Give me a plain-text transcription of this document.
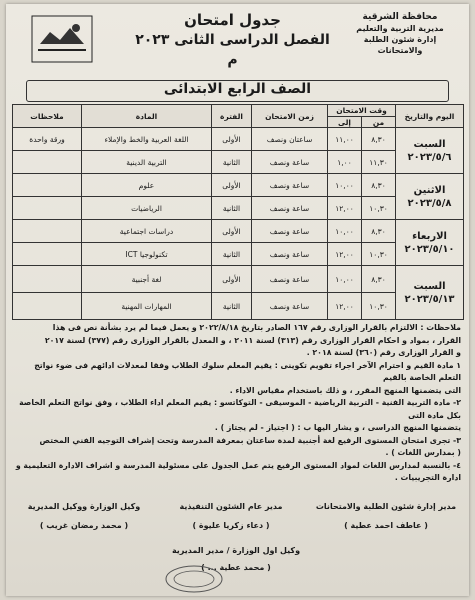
محافظة الشرقية
مديرية التربية والتعليم
إدارة شئون الطلبة والامتحانات
جدول امتحان
الفصل الدراسى الثانى ٢٠٢٣ م
الصف الرابع الابتدائى
اليوم والتاريخ	وقت الامتحان		زمن الامتحان	الفترة	المادة	ملاحظات
	من	إلى				

السبت
٢٠٢٣/٥/٦	٨,٣٠	١١,٠٠	ساعتان ونصف	الأولى	اللغة العربية والخط والإملاء	ورقة واحدة
	١١,٣٠	١,٠٠	ساعة ونصف	الثانية	التربية الدينية	

الاثنين
٢٠٢٣/٥/٨	٨,٣٠	١٠,٠٠	ساعة ونصف	الأولى	علوم	
	١٠,٣٠	١٢,٠٠	ساعة ونصف	الثانية	الرياضيات	

الاربعاء
٢٠٢٣/٥/١٠	٨,٣٠	١٠,٠٠	ساعة ونصف	الأولى	دراسات اجتماعية	
	١٠,٣٠	١٢,٠٠	ساعة ونصف	الثانية	تكنولوجيا ICT	

السبت
٢٠٢٣/٥/١٣	٨,٣٠	١٠,٠٠	ساعة ونصف	الأولى	لغة أجنبية	
	١٠,٣٠	١٢,٠٠	ساعة ونصف	الثانية	المهارات المهنية	

ملاحظات : الالتزام بالقرار الوزارى رقم ١٦٧ الصادر بتاريخ ٢٠٢٢/٨/١٨ و يعمل فيما لم يرد بشأنة نص فى هذا

القرار ، بمواد و احكام القرار الوزارى رقم (٣١٣) لسنة ٢٠١١ ، و المعدل بالقرار الوزارى رقم (٣٧٧) لسنة ٢٠١٧

و القرار الوزارى رقم (٣٦٠) لسنة ٢٠١٨ .

١ مادة القيم و احترام الآخر اجراء تقويم تكوينى : يقيم المعلم سلوك الطلاب وفقا لمعدلات ادائهم فى ضوء نواتج التعلم الخاصة بالقيم

التى يتضمنها المنهج المقرر ، و ذلك باستخدام مقياس الاداء .

٢- مادة التربية الفنية - التربية الرياضية - الموسيقى - التوكاتسو : يقيم المعلم اداء الطلاب ، وفق نواتج التعلم الخاصة بكل مادة التى

يتضمنها المنهج الدراسى ، و يشار اليها ب : ( اجتياز - لم يجتاز ) .

٣- تجرى امتحان المستوى الرفيع لغة أجنبية لمدة ساعتان بمعرفة المدرسة وتحت إشراف التوجيه الفني المختص

( بمدارس اللغات ) .

٤- بالنسبة لمدارس اللغات لمواد المستوى الرفيع يتم عمل الجدول على مسئولية المدرسة و اشراف الادارة التعليمية و ادارة التجريبيات .

مدير إدارة شئون الطلبة والامتحانات
( عاطف احمد عطية )
مدير عام الشئون التنفيذية
( دعاء زكريا عليوة )
وكيل الوزارة ووكيل المديرية
( محمد رمضان غريب )
وكيل اول الوزارة / مدير المديرية
( محمد عطية ... )
